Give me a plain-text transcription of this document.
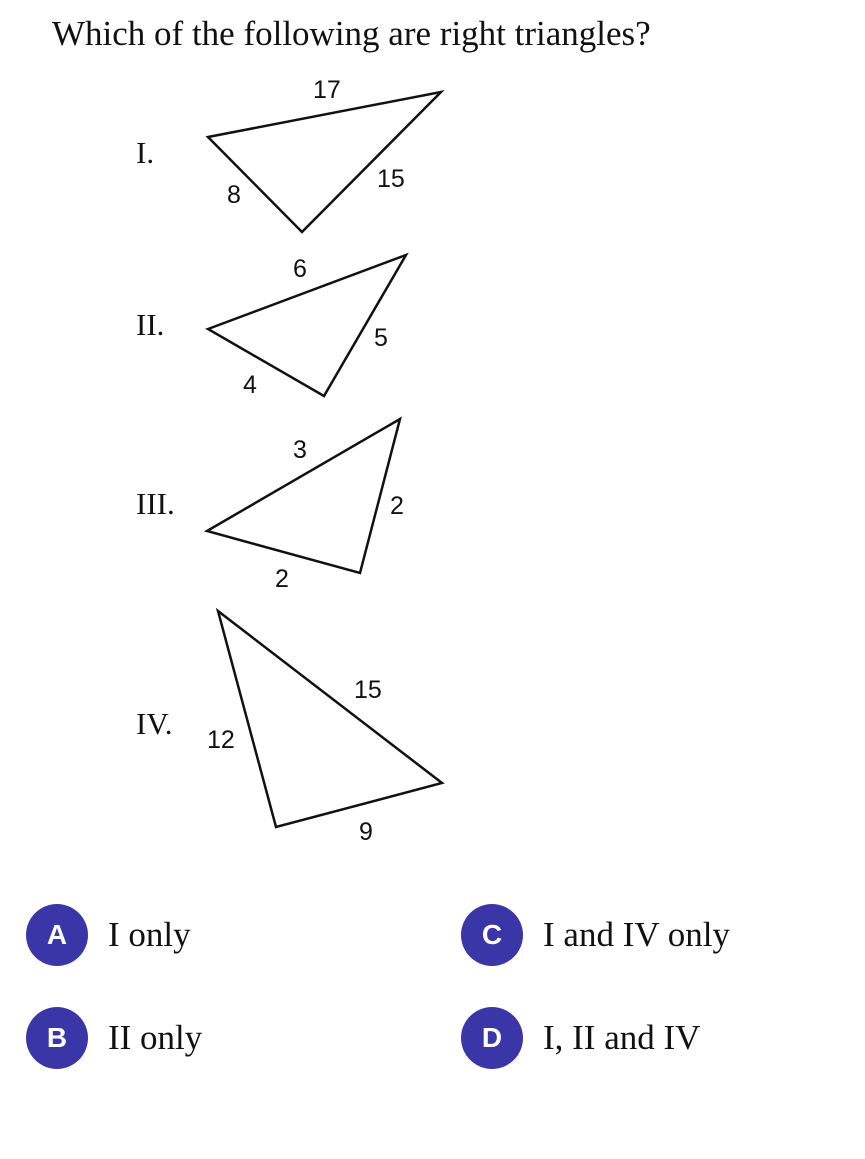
Which of the following are right triangles?
I.
17
15
8
II.
6
5
4
III.
3
2
2
IV. 12
15
9
A	I only
B	II only
C	I and IV only
D	I, II and IV
